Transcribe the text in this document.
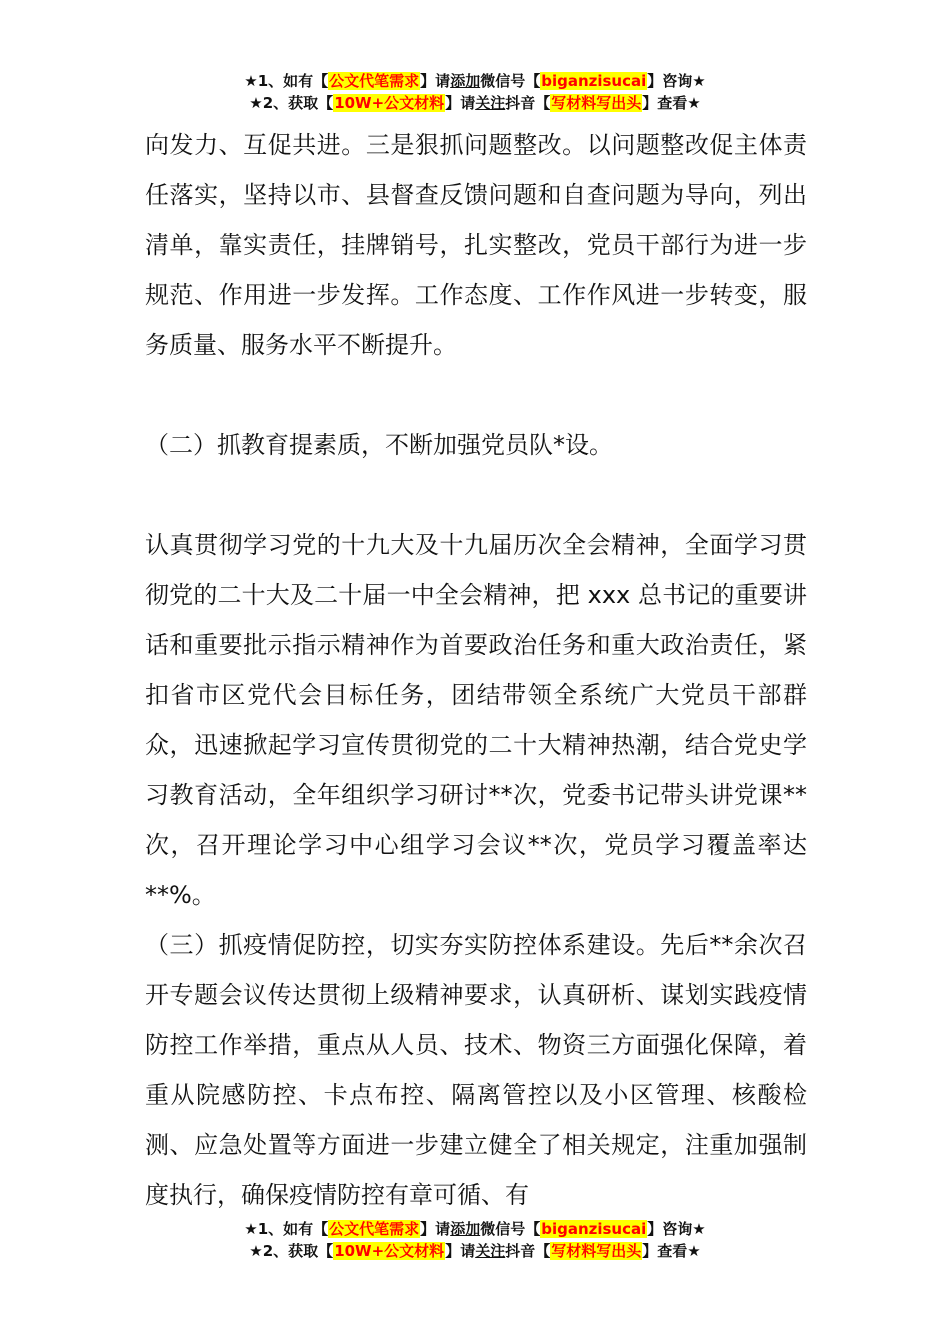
★1、如有【公文代笔需求】请添加微信号【biganzisucai】咨询★
★2、获取【10W+公文材料】请关注抖音【写材料写出头】查看★

向发力、互促共进。三是狠抓问题整改。以问题整改促主体责任落实，坚持以市、县督查反馈问题和自查问题为导向，列出清单，靠实责任，挂牌销号，扎实整改，党员干部行为进一步规范、作用进一步发挥。工作态度、工作作风进一步转变，服务质量、服务水平不断提升。

（二）抓教育提素质，不断加强党员队*设。

认真贯彻学习党的十九大及十九届历次全会精神，全面学习贯彻党的二十大及二十届一中全会精神，把 xxx 总书记的重要讲话和重要批示指示精神作为首要政治任务和重大政治责任，紧扣省市区党代会目标任务，团结带领全系统广大党员干部群众，迅速掀起学习宣传贯彻党的二十大精神热潮，结合党史学习教育活动，全年组织学习研讨**次，党委书记带头讲党课**次，召开理论学习中心组学习会议**次，党员学习覆盖率达**%。

（三）抓疫情促防控，切实夯实防控体系建设。先后**余次召开专题会议传达贯彻上级精神要求，认真研析、谋划实践疫情防控工作举措，重点从人员、技术、物资三方面强化保障，着重从院感防控、卡点布控、隔离管控以及小区管理、核酸检测、应急处置等方面进一步建立健全了相关规定，注重加强制度执行，确保疫情防控有章可循、有

★1、如有【公文代笔需求】请添加微信号【biganzisucai】咨询★
★2、获取【10W+公文材料】请关注抖音【写材料写出头】查看★
